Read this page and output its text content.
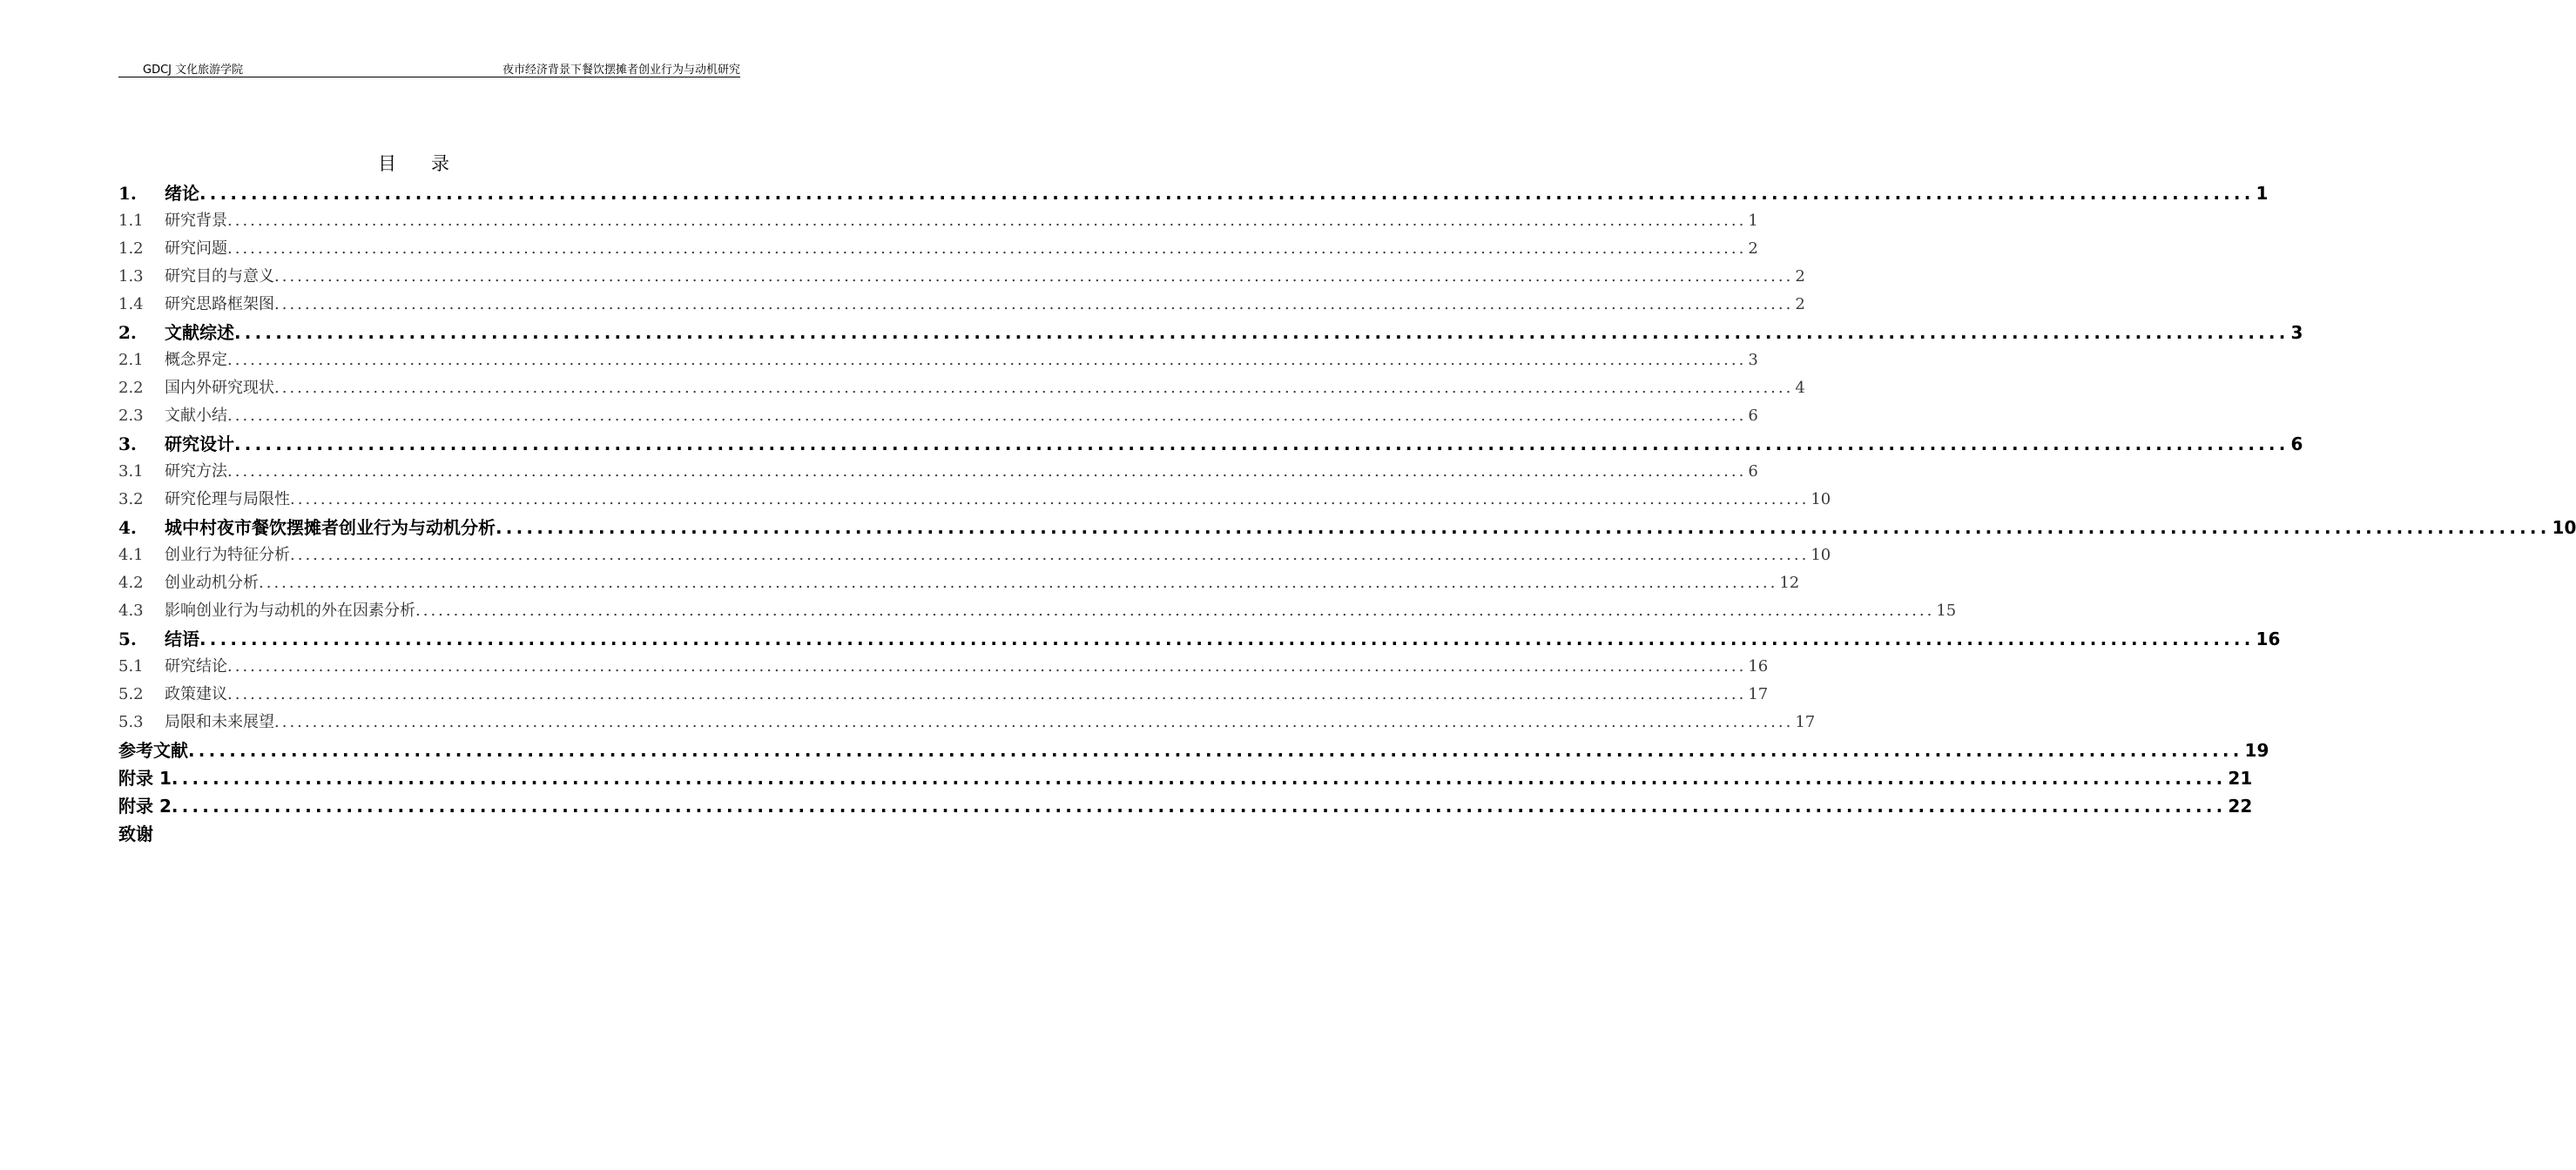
GDCJ 文化旅游学院	夜市经济背景下餐饮摆摊者创业行为与动机研究
目录
1.	绪论 ........................................................................................................................................................................................................ 1
1.1	研究背景 ........................................................................................................................................................................................................ 1
1.2	研究问题 ........................................................................................................................................................................................................ 2
1.3	研究目的与意义 ........................................................................................................................................................................................................ 2
1.4	研究思路框架图 ........................................................................................................................................................................................................ 2
2.	文献综述 ........................................................................................................................................................................................................ 3
2.1	概念界定 ........................................................................................................................................................................................................ 3
2.2	国内外研究现状 ........................................................................................................................................................................................................ 4
2.3	文献小结 ........................................................................................................................................................................................................ 6
3.	研究设计 ........................................................................................................................................................................................................ 6
3.1	研究方法 ........................................................................................................................................................................................................ 6
3.2	研究伦理与局限性 ........................................................................................................................................................................................................ 10
4.	城中村夜市餐饮摆摊者创业行为与动机分析 ........................................................................................................................................................................................................ 10
4.1	创业行为特征分析 ........................................................................................................................................................................................................ 10
4.2	创业动机分析 ........................................................................................................................................................................................................ 12
4.3	影响创业行为与动机的外在因素分析 ........................................................................................................................................................................................................ 15
5.	结语 ........................................................................................................................................................................................................ 16
5.1	研究结论 ........................................................................................................................................................................................................ 16
5.2	政策建议 ........................................................................................................................................................................................................ 17
5.3	局限和未来展望 ........................................................................................................................................................................................................ 17
参考文献 ........................................................................................................................................................................................................ 19
附录 1 ........................................................................................................................................................................................................ 21
附录 2 ........................................................................................................................................................................................................ 22
致谢
